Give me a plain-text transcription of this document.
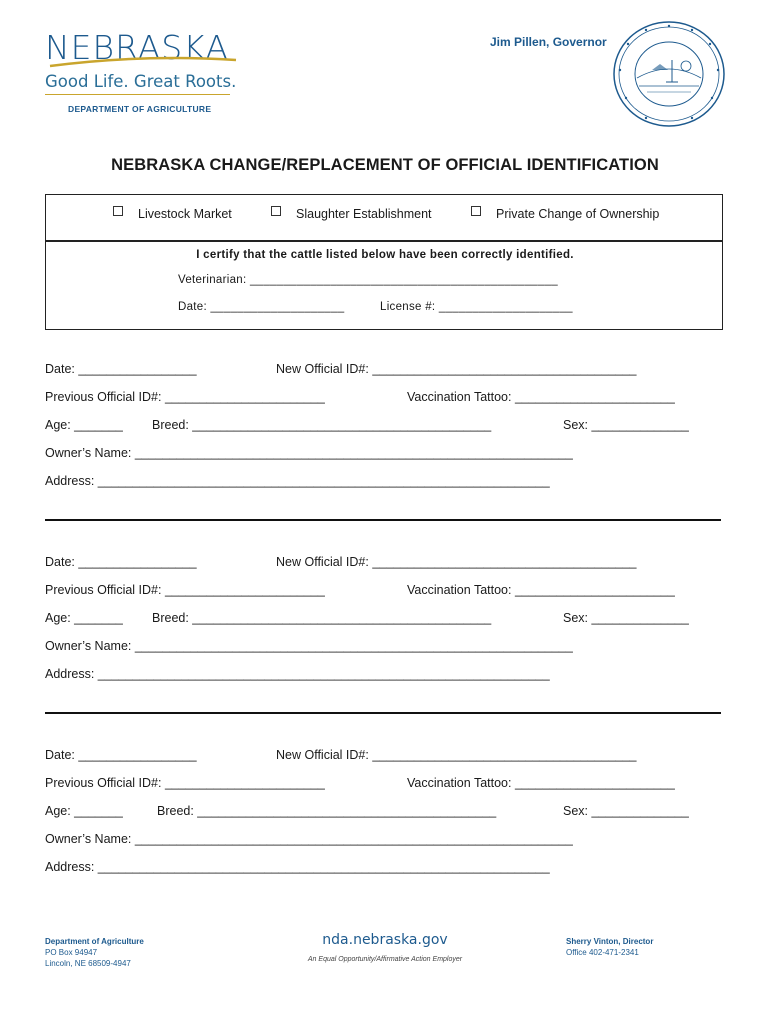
NEBRASKA
Good Life. Great Roots.
DEPARTMENT OF AGRICULTURE
Jim Pillen, Governor
NEBRASKA CHANGE/REPLACEMENT OF OFFICIAL IDENTIFICATION
Livestock Market	Slaughter Establishment	Private Change of Ownership
I certify that the cattle listed below have been correctly identified.
Veterinarian: ______________________________________________
Date: ____________________	License #: ____________________
Date: _________________	New Official ID#: ______________________________________
Previous Official ID#: _______________________	Vaccination Tattoo: _______________________
Age: _______ Breed: ___________________________________________	Sex: ______________
Owner’s Name: _______________________________________________________________
Address: _________________________________________________________________
Date: _________________	New Official ID#: ______________________________________
Previous Official ID#: _______________________	Vaccination Tattoo: _______________________
Age: _______ Breed: ___________________________________________	Sex: ______________
Owner’s Name: _______________________________________________________________
Address: _________________________________________________________________
Date: _________________	New Official ID#: ______________________________________
Previous Official ID#: _______________________	Vaccination Tattoo: _______________________
Age: _______	Breed: ___________________________________________	Sex: ______________
Owner’s Name: _______________________________________________________________
Address: _________________________________________________________________
Department of Agriculture
PO Box 94947
Lincoln, NE 68509-4947
nda.nebraska.gov
An Equal Opportunity/Affirmative Action Employer
Sherry Vinton, Director
Office 402-471-2341
